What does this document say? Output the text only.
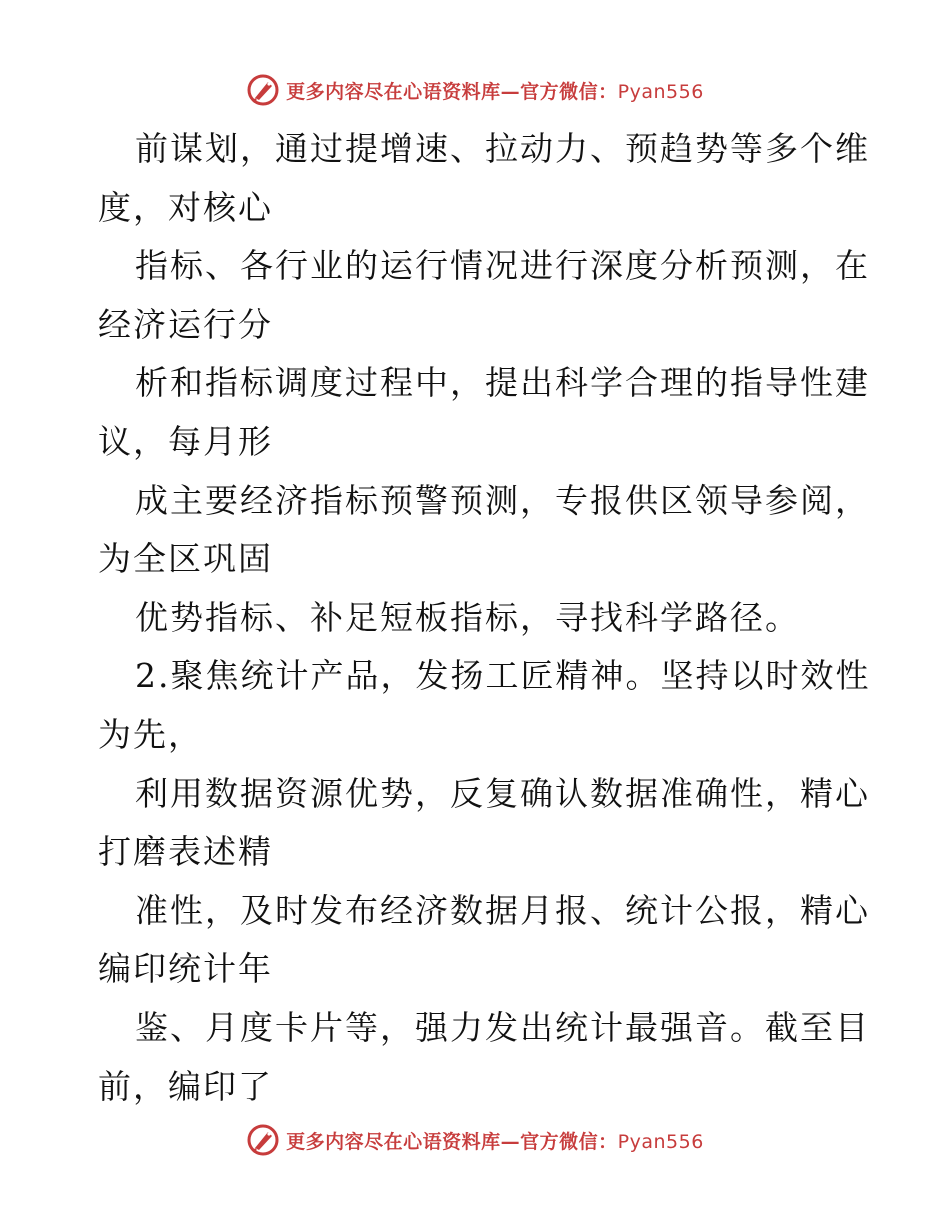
更多内容尽在心语资料库—官方微信：Pyan556
前谋划，通过提增速、拉动力、预趋势等多个维
度，对核心
指标、各行业的运行情况进行深度分析预测，在
经济运行分
析和指标调度过程中，提出科学合理的指导性建
议，每月形
成主要经济指标预警预测，专报供区领导参阅，
为全区巩固
优势指标、补足短板指标，寻找科学路径。
2.聚焦统计产品，发扬工匠精神。坚持以时效性
为先，
利用数据资源优势，反复确认数据准确性，精心
打磨表述精
准性，及时发布经济数据月报、统计公报，精心
编印统计年
鉴、月度卡片等，强力发出统计最强音。截至目
前，编印了
更多内容尽在心语资料库—官方微信：Pyan556
